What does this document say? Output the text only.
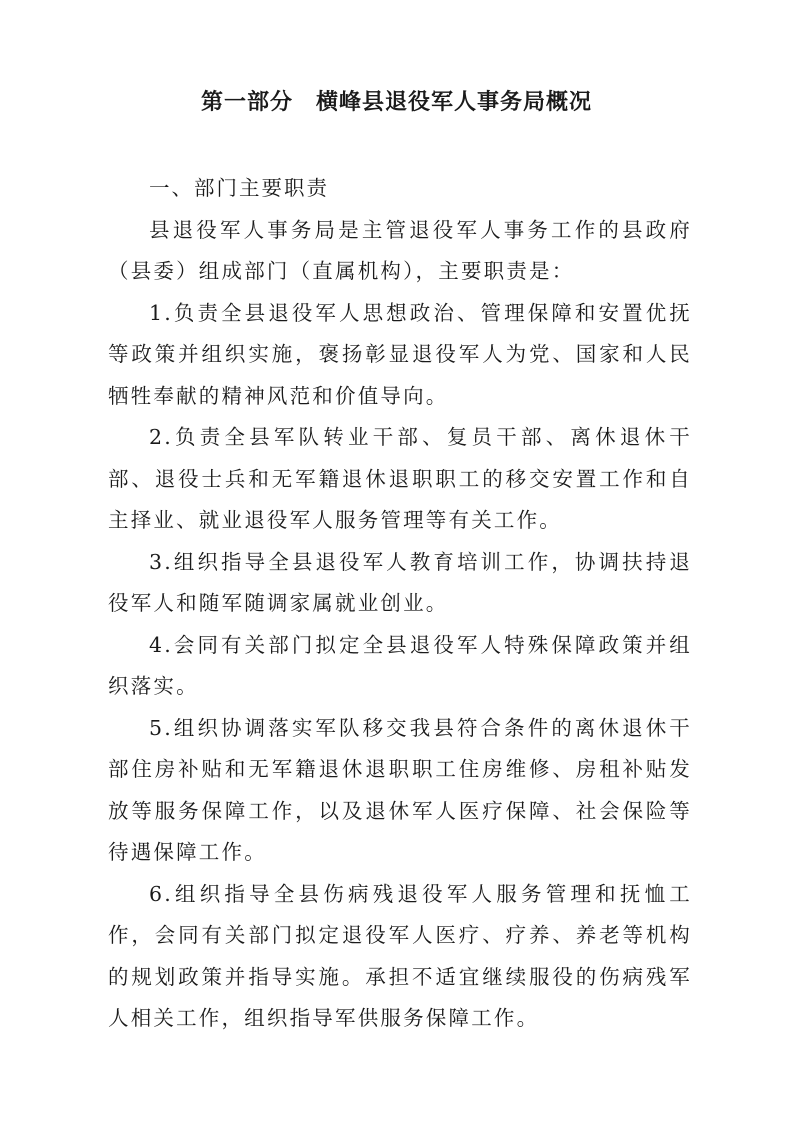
第一部分　横峰县退役军人事务局概况

一、部门主要职责

县退役军人事务局是主管退役军人事务工作的县政府（县委）组成部门（直属机构），主要职责是：

1.负责全县退役军人思想政治、管理保障和安置优抚等政策并组织实施，褒扬彰显退役军人为党、国家和人民牺牲奉献的精神风范和价值导向。

2.负责全县军队转业干部、复员干部、离休退休干部、退役士兵和无军籍退休退职职工的移交安置工作和自主择业、就业退役军人服务管理等有关工作。

3.组织指导全县退役军人教育培训工作，协调扶持退役军人和随军随调家属就业创业。

4.会同有关部门拟定全县退役军人特殊保障政策并组织落实。

5.组织协调落实军队移交我县符合条件的离休退休干部住房补贴和无军籍退休退职职工住房维修、房租补贴发放等服务保障工作，以及退休军人医疗保障、社会保险等待遇保障工作。

6.组织指导全县伤病残退役军人服务管理和抚恤工作，会同有关部门拟定退役军人医疗、疗养、养老等机构的规划政策并指导实施。承担不适宜继续服役的伤病残军人相关工作，组织指导军供服务保障工作。
